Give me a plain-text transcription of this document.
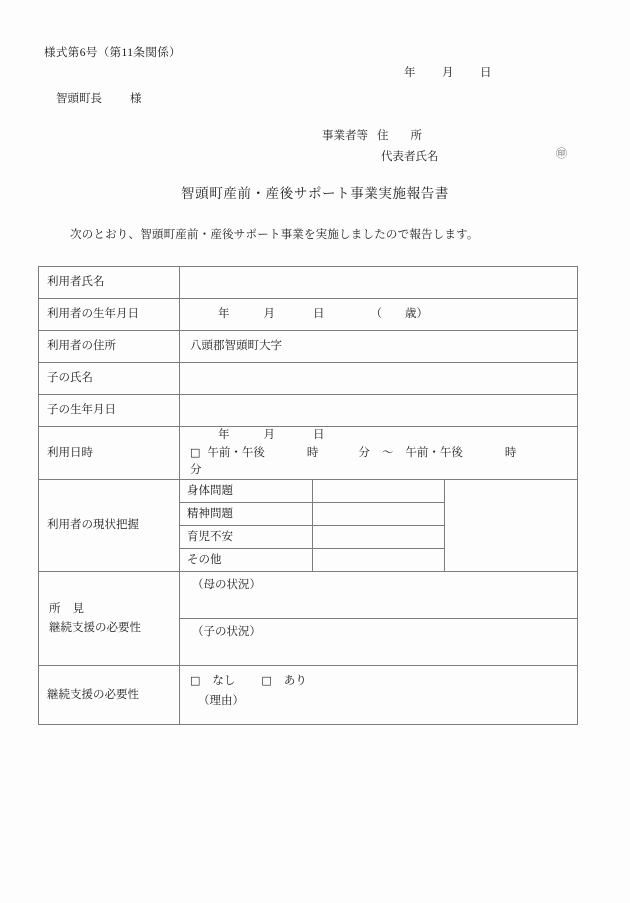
様式第6号（第11条関係）
年 月 日
智頭町長 様
事業者等 住 所
代表者氏名	㊞
智頭町産前・産後サポート事業実施報告書
次のとおり、智頭町産前・産後サポート事業を実施しましたので報告します。
利用者氏名			
利用者の生年月日	年 月 日 （　　歳）		
利用者の住所	八頭郡智頭町大字		
子の氏名			
子の生年月日			
利用日時	年 月 日
□ 午前・午後 時 分 ～ 午前・午後 時
分		

利用者の現状把握	身体問題		
	精神問題		
	育児不安		
	その他		

所 見
継続支援の必要性	（母の状況）		
	（子の状況）		
継続支援の必要性	□ なし □ あり
（理由）		
